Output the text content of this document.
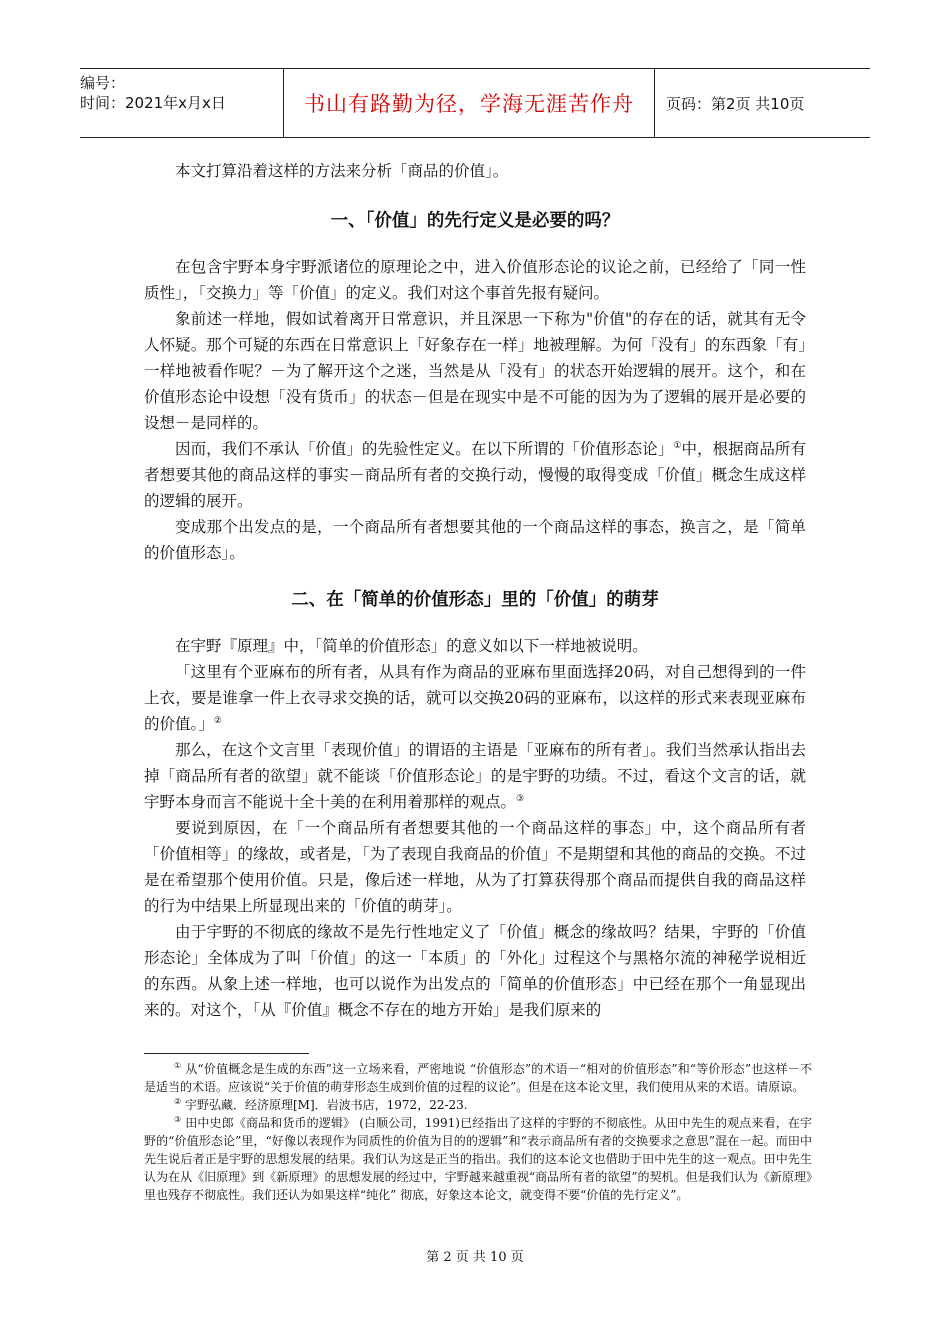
编号：
时间：2021年x月x日	书山有路勤为径，学海无涯苦作舟	页码：第2页 共10页

本文打算沿着这样的方法来分析「商品的价值」。

一、「价值」的先行定义是必要的吗？

在包含宇野本身宇野派诸位的原理论之中，进入价值形态论的议论之前，已经给了「同一性质性」，「交换力」等「价值」的定义。我们对这个事首先报有疑问。

象前述一样地，假如试着离开日常意识，并且深思一下称为"价值"的存在的话，就其有无令人怀疑。那个可疑的东西在日常意识上「好象存在一样」地被理解。为何「没有」的东西象「有」一样地被看作呢？－为了解开这个之迷，当然是从「没有」的状态开始逻辑的展开。这个，和在价值形态论中设想「没有货币」的状态－但是在现实中是不可能的因为为了逻辑的展开是必要的设想－是同样的。

因而，我们不承认「价值」的先验性定义。在以下所谓的「价值形态论」①中，根据商品所有者想要其他的商品这样的事实－商品所有者的交换行动，慢慢的取得变成「价值」概念生成这样的逻辑的展开。

变成那个出发点的是，一个商品所有者想要其他的一个商品这样的事态，换言之，是「简单的价值形态」。

二、在「简单的价值形态」里的「价值」的萌芽

在宇野『原理』中，「简单的价值形态」的意义如以下一样地被说明。

「这里有个亚麻布的所有者，从具有作为商品的亚麻布里面选择20码，对自己想得到的一件上衣，要是谁拿一件上衣寻求交换的话，就可以交换20码的亚麻布，以这样的形式来表现亚麻布的价值。」②

那么，在这个文言里「表现价值」的谓语的主语是「亚麻布的所有者」。我们当然承认指出去掉「商品所有者的欲望」就不能谈「价值形态论」的是宇野的功绩。不过，看这个文言的话，就宇野本身而言不能说十全十美的在利用着那样的观点。③

要说到原因，在「一个商品所有者想要其他的一个商品这样的事态」中，这个商品所有者「价值相等」的缘故，或者是，「为了表现自我商品的价值」不是期望和其他的商品的交换。不过是在希望那个使用价值。只是，像后述一样地，从为了打算获得那个商品而提供自我的商品这样的行为中结果上所显现出来的「价值的萌芽」。

由于宇野的不彻底的缘故不是先行性地定义了「价值」概念的缘故吗？结果，宇野的「价值形态论」全体成为了叫「价值」的这一「本质」的「外化」过程这个与黑格尔流的神秘学说相近的东西。从象上述一样地，也可以说作为出发点的「简单的价值形态」中已经在那个一角显现出来的。对这个，「从『价值』概念不存在的地方开始」是我们原来的

① 从“价值概念是生成的东西”这一立场来看，严密地说 “价值形态”的术语－“相对的价值形态”和“等价形态”也这样－不是适当的术语。应该说“关于价值的萌芽形态生成到价值的过程的议论”。但是在这本论文里，我们使用从来的术语。请原谅。

② 宇野弘藏．经济原理[M]．岩波书店，1972，22-23.

③ 田中史郎《商品和货币的逻辑》 (白顺公司，1991)已经指出了这样的宇野的不彻底性。从田中先生的观点来看，在宇野的“价值形态论”里，“好像以表现作为同质性的价值为目的的逻辑”和“表示商品所有者的交换要求之意思”混在一起。而田中先生说后者正是宇野的思想发展的结果。我们认为这是正当的指出。我们的这本论文也借助于田中先生的这一观点。田中先生认为在从《旧原理》到《新原理》的思想发展的经过中，宇野越来越重视“商品所有者的欲望”的契机。但是我们认为《新原理》里也残存不彻底性。我们还认为如果这样“纯化” 彻底，好象这本论文，就变得不要“价值的先行定义”。

第 2 页 共 10 页
